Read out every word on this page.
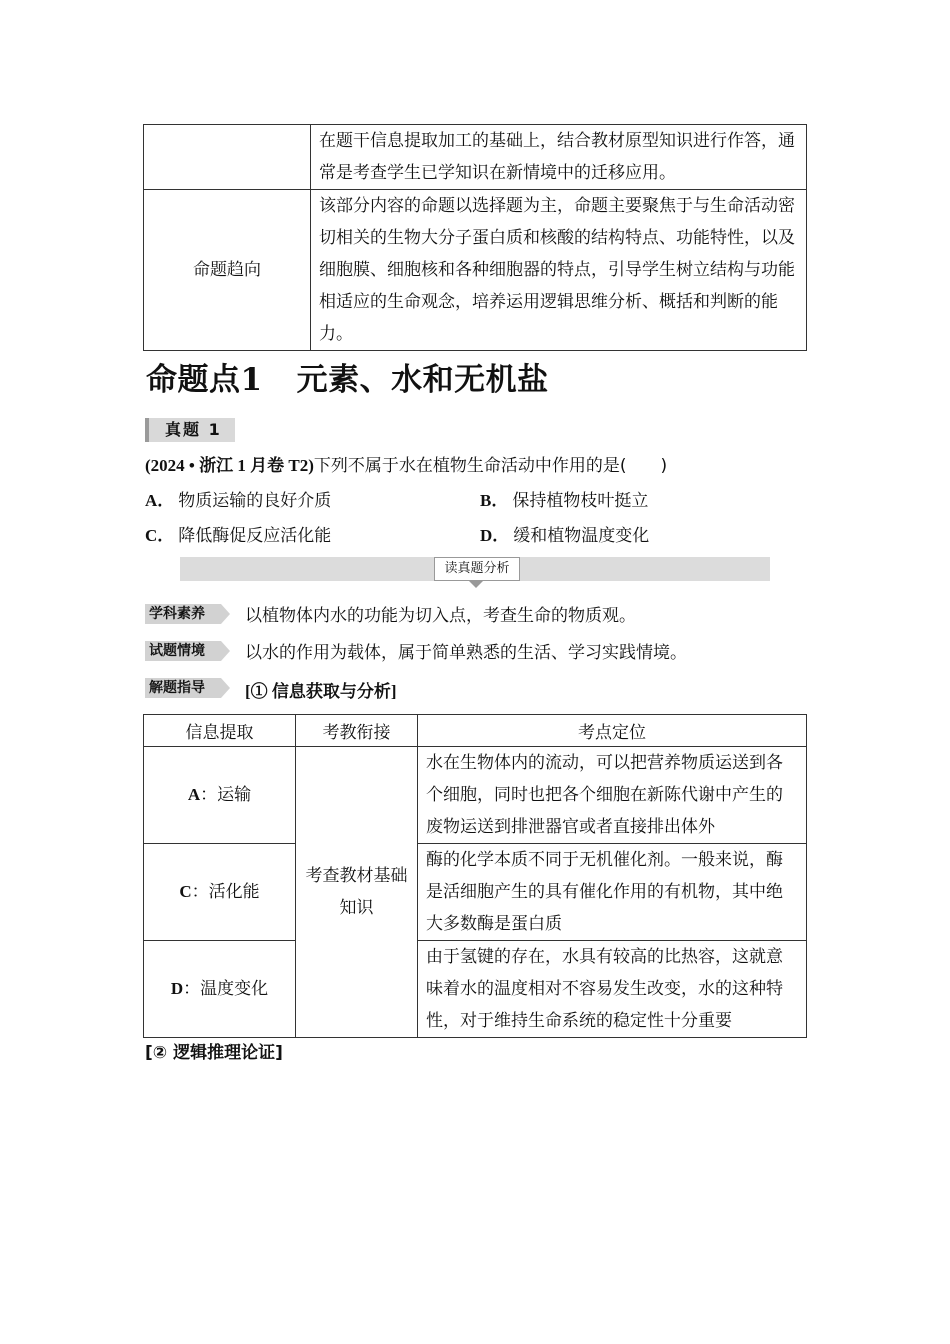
	在题干信息提取加工的基础上，结合教材原型知识进行作答，通常是考查学生已学知识在新情境中的迁移应用。
命题趋向	该部分内容的命题以选择题为主，命题主要聚焦于与生命活动密切相关的生物大分子蛋白质和核酸的结构特点、功能特性，以及细胞膜、细胞核和各种细胞器的特点，引导学生树立结构与功能相适应的生命观念，培养运用逻辑思维分析、概括和判断的能力。
命题点1 元素、水和无机盐
真题 1
(2024 • 浙江 1 月卷 T2)下列不属于水在植物生命活动中作用的是(　　)
A． 物质运输的良好介质	B． 保持植物枝叶挺立
C． 降低酶促反应活化能	D． 缓和植物温度变化
读真题分析
学科素养	以植物体内水的功能为切入点，考查生命的物质观。
试题情境	以水的作用为载体，属于简单熟悉的生活、学习实践情境。
解题指导	[① 信息获取与分析]
信息提取	考教衔接	考点定位
A：运输	考查教材基础知识	水在生物体内的流动，可以把营养物质运送到各个细胞，同时也把各个细胞在新陈代谢中产生的废物运送到排泄器官或者直接排出体外
C：活化能		酶的化学本质不同于无机催化剂。一般来说，酶是活细胞产生的具有催化作用的有机物，其中绝大多数酶是蛋白质
D：温度变化		由于氢键的存在，水具有较高的比热容，这就意味着水的温度相对不容易发生改变，水的这种特性，对于维持生命系统的稳定性十分重要
[② 逻辑推理论证]
